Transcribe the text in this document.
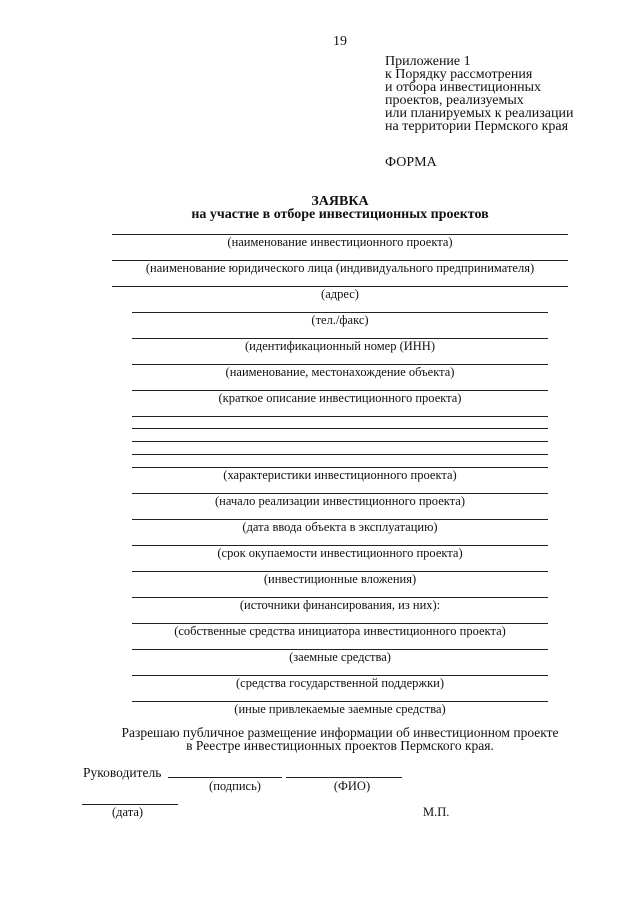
19
Приложение 1
к Порядку рассмотрения
и отбора инвестиционных
проектов, реализуемых
или планируемых к реализации
на территории Пермского края
ФОРМА
ЗАЯВКА
на участие в отборе инвестиционных проектов
(наименование инвестиционного проекта)
(наименование юридического лица (индивидуального предпринимателя)
(адрес)
(тел./факс)
(идентификационный номер (ИНН)
(наименование, местонахождение объекта)
(краткое описание инвестиционного проекта)
(характеристики инвестиционного проекта)
(начало реализации инвестиционного проекта)
(дата ввода объекта в эксплуатацию)
(срок окупаемости инвестиционного проекта)
(инвестиционные вложения)
(источники финансирования, из них):
(собственные средства инициатора инвестиционного проекта)
(заемные средства)
(средства государственной поддержки)
(иные привлекаемые заемные средства)
Разрешаю публичное размещение информации об инвестиционном проекте
в Реестре инвестиционных проектов Пермского края.
Руководитель
(подпись)	(ФИО)
(дата)	М.П.
